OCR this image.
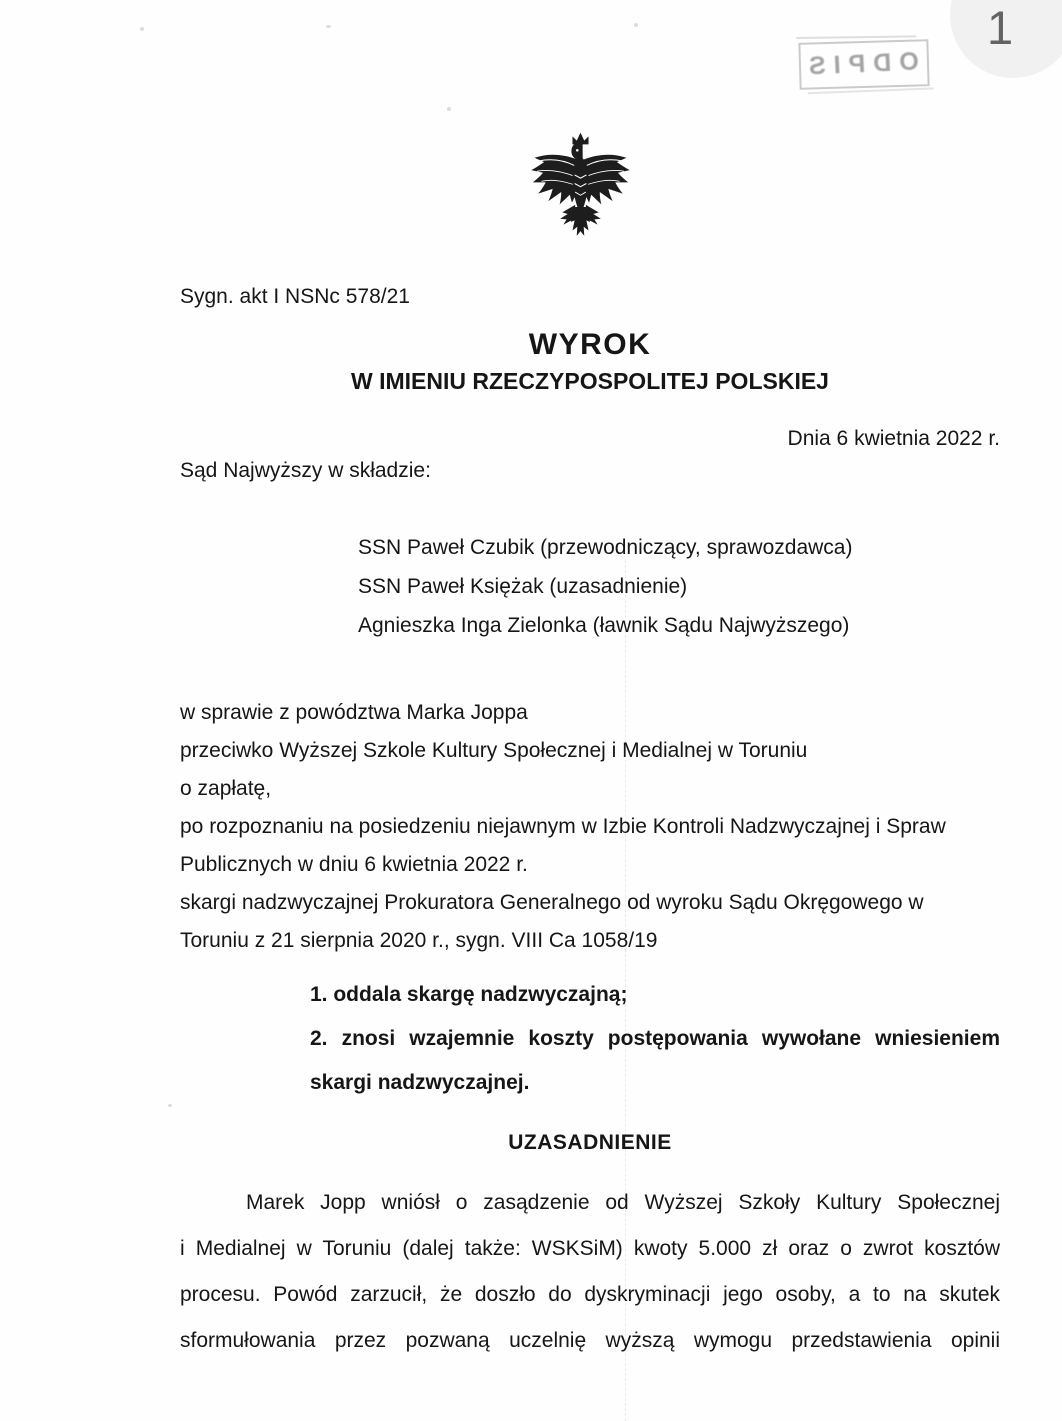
ODPIS
1
Sygn. akt I NSNc 578/21
WYROK
W IMIENIU RZECZYPOSPOLITEJ POLSKIEJ
Dnia 6 kwietnia 2022 r.
Sąd Najwyższy w składzie:
SSN Paweł Czubik (przewodniczący, sprawozdawca)
SSN Paweł Księżak (uzasadnienie)
Agnieszka Inga Zielonka (ławnik Sądu Najwyższego)
w sprawie z powództwa Marka Joppa
przeciwko Wyższej Szkole Kultury Społecznej i Medialnej w Toruniu
o zapłatę,
po rozpoznaniu na posiedzeniu niejawnym w Izbie Kontroli Nadzwyczajnej i Spraw
Publicznych w dniu 6 kwietnia 2022 r.
skargi nadzwyczajnej Prokuratora Generalnego od wyroku Sądu Okręgowego w
Toruniu z 21 sierpnia 2020 r., sygn. VIII Ca 1058/19
1. oddala skargę nadzwyczajną;
2. znosi wzajemnie koszty postępowania wywołane wniesieniem
skargi nadzwyczajnej.
UZASADNIENIE
Marek Jopp wniósł o zasądzenie od Wyższej Szkoły Kultury Społecznej
i Medialnej w Toruniu (dalej także: WSKSiM) kwoty 5.000 zł oraz o zwrot kosztów
procesu. Powód zarzucił, że doszło do dyskryminacji jego osoby, a to na skutek
sformułowania przez pozwaną uczelnię wyższą wymogu przedstawienia opinii
